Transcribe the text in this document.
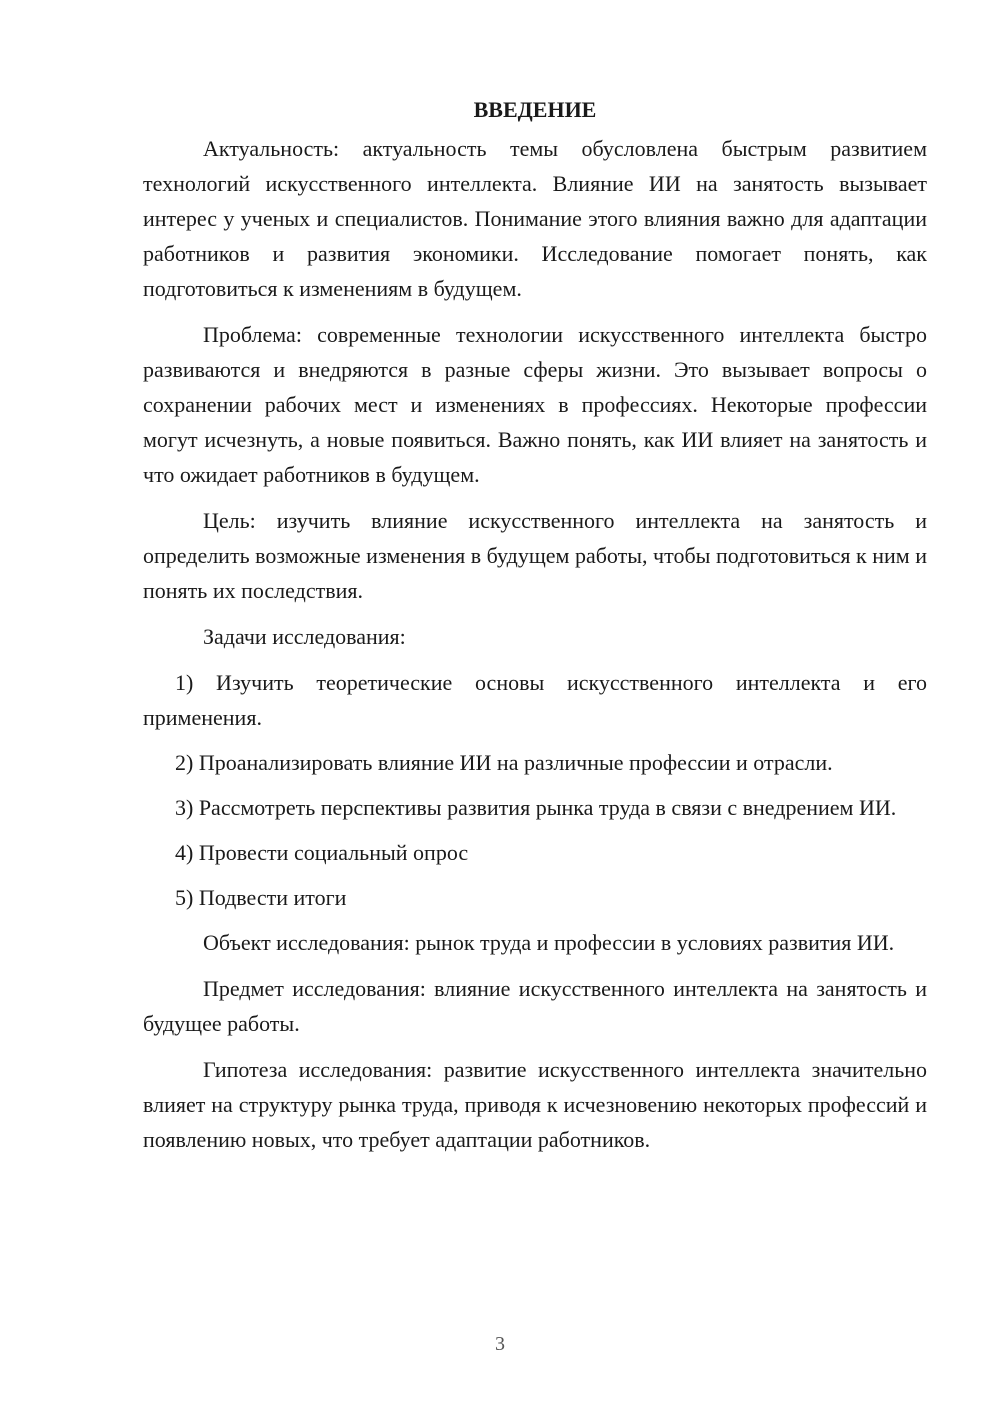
ВВЕДЕНИЕ

Актуальность: актуальность темы обусловлена быстрым развитием технологий искусственного интеллекта. Влияние ИИ на занятость вызывает интерес у ученых и специалистов. Понимание этого влияния важно для адаптации работников и развития экономики. Исследование помогает понять, как подготовиться к изменениям в будущем.

Проблема: современные технологии искусственного интеллекта быстро развиваются и внедряются в разные сферы жизни. Это вызывает вопросы о сохранении рабочих мест и изменениях в профессиях. Некоторые профессии могут исчезнуть, а новые появиться. Важно понять, как ИИ влияет на занятость и что ожидает работников в будущем.

Цель: изучить влияние искусственного интеллекта на занятость и определить возможные изменения в будущем работы, чтобы подготовиться к ним и понять их последствия.

Задачи исследования:

1) Изучить теоретические основы искусственного интеллекта и его применения.

2) Проанализировать влияние ИИ на различные профессии и отрасли.

3) Рассмотреть перспективы развития рынка труда в связи с внедрением ИИ.

4) Провести социальный опрос

5) Подвести итоги

Объект исследования: рынок труда и профессии в условиях развития ИИ.

Предмет исследования: влияние искусственного интеллекта на занятость и будущее работы.

Гипотеза исследования: развитие искусственного интеллекта значительно влияет на структуру рынка труда, приводя к исчезновению некоторых профессий и появлению новых, что требует адаптации работников.

3
